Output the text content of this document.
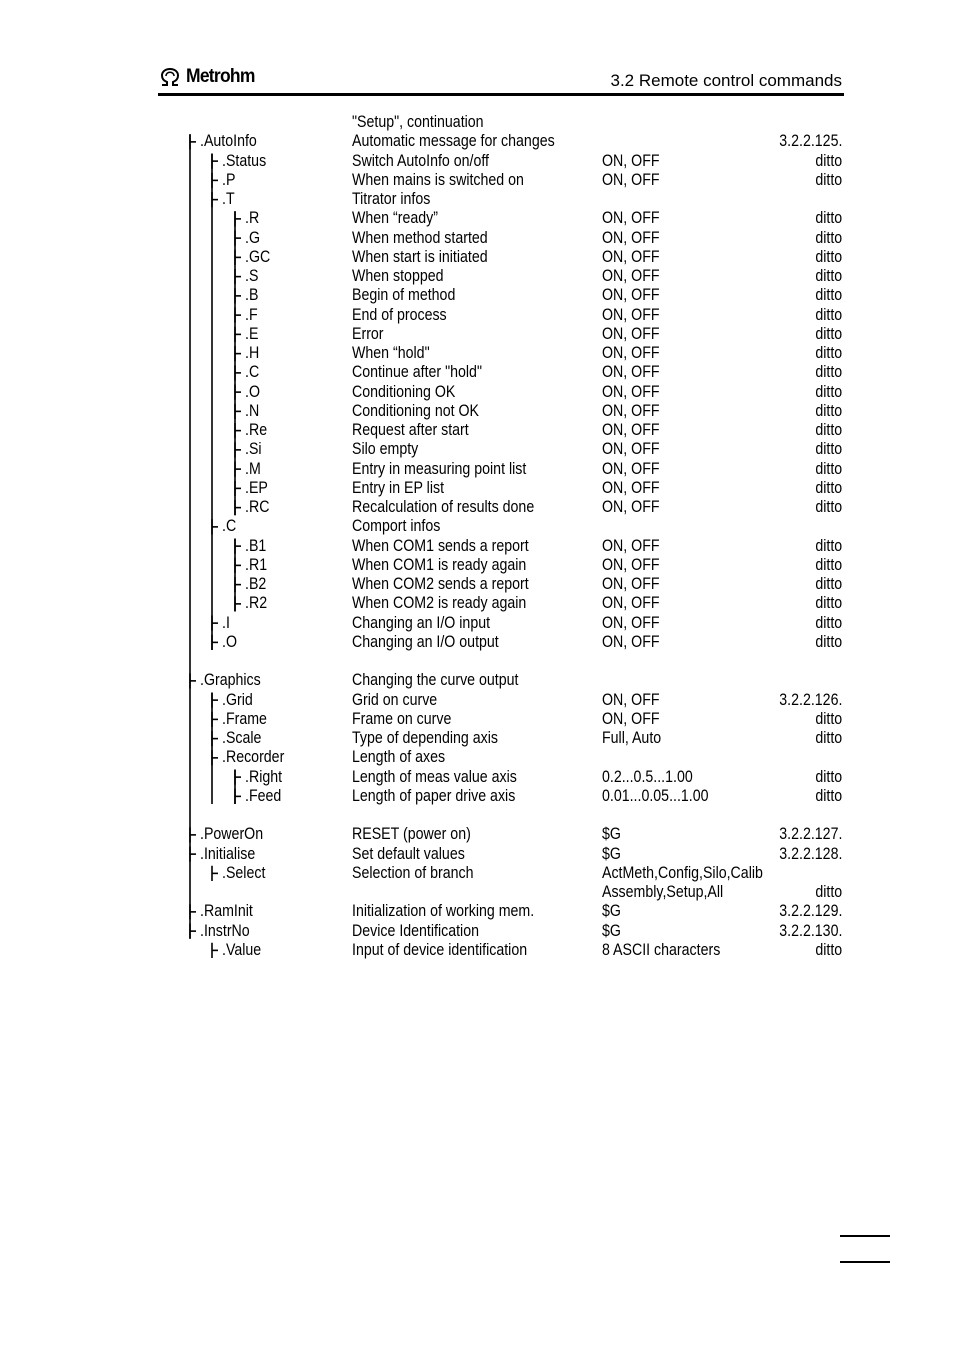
Metrohm	3.2 Remote control commands
"Setup", continuation
.AutoInfo	Automatic message for changes	3.2.2.125.
.Status	Switch AutoInfo on/off	ON, OFF	ditto
.P	When mains is switched on	ON, OFF	ditto
.T	Titrator infos
.R	When “ready”	ON, OFF	ditto
.G	When method started	ON, OFF	ditto
.GC	When start is initiated	ON, OFF	ditto
.S	When stopped	ON, OFF	ditto
.B	Begin of method	ON, OFF	ditto
.F	End of process	ON, OFF	ditto
.E	Error	ON, OFF	ditto
.H	When “hold"	ON, OFF	ditto
.C	Continue after "hold"	ON, OFF	ditto
.O	Conditioning OK	ON, OFF	ditto
.N	Conditioning not OK	ON, OFF	ditto
.Re	Request after start	ON, OFF	ditto
.Si	Silo empty	ON, OFF	ditto
.M	Entry in measuring point list	ON, OFF	ditto
.EP	Entry in EP list	ON, OFF	ditto
.RC	Recalculation of results done	ON, OFF	ditto
.C	Comport infos
.B1	When COM1 sends a report	ON, OFF	ditto
.R1	When COM1 is ready again	ON, OFF	ditto
.B2	When COM2 sends a report	ON, OFF	ditto
.R2	When COM2 is ready again	ON, OFF	ditto
.I	Changing an I/O input	ON, OFF	ditto
.O	Changing an I/O output	ON, OFF	ditto
.Graphics	Changing the curve output
.Grid	Grid on curve	ON, OFF	3.2.2.126.
.Frame	Frame on curve	ON, OFF	ditto
.Scale	Type of depending axis	Full, Auto	ditto
.Recorder	Length of axes
.Right	Length of meas value axis	0.2...0.5...1.00	ditto
.Feed	Length of paper drive axis	0.01...0.05...1.00	ditto
.PowerOn	RESET (power on)	$G	3.2.2.127.
.Initialise	Set default values	$G	3.2.2.128.
.Select	Selection of branch	ActMeth,Config,Silo,Calib
Assembly,Setup,All	ditto
.RamInit	Initialization of working mem.	$G	3.2.2.129.
.InstrNo	Device Identification	$G	3.2.2.130.
.Value	Input of device identification	8 ASCII characters	ditto
